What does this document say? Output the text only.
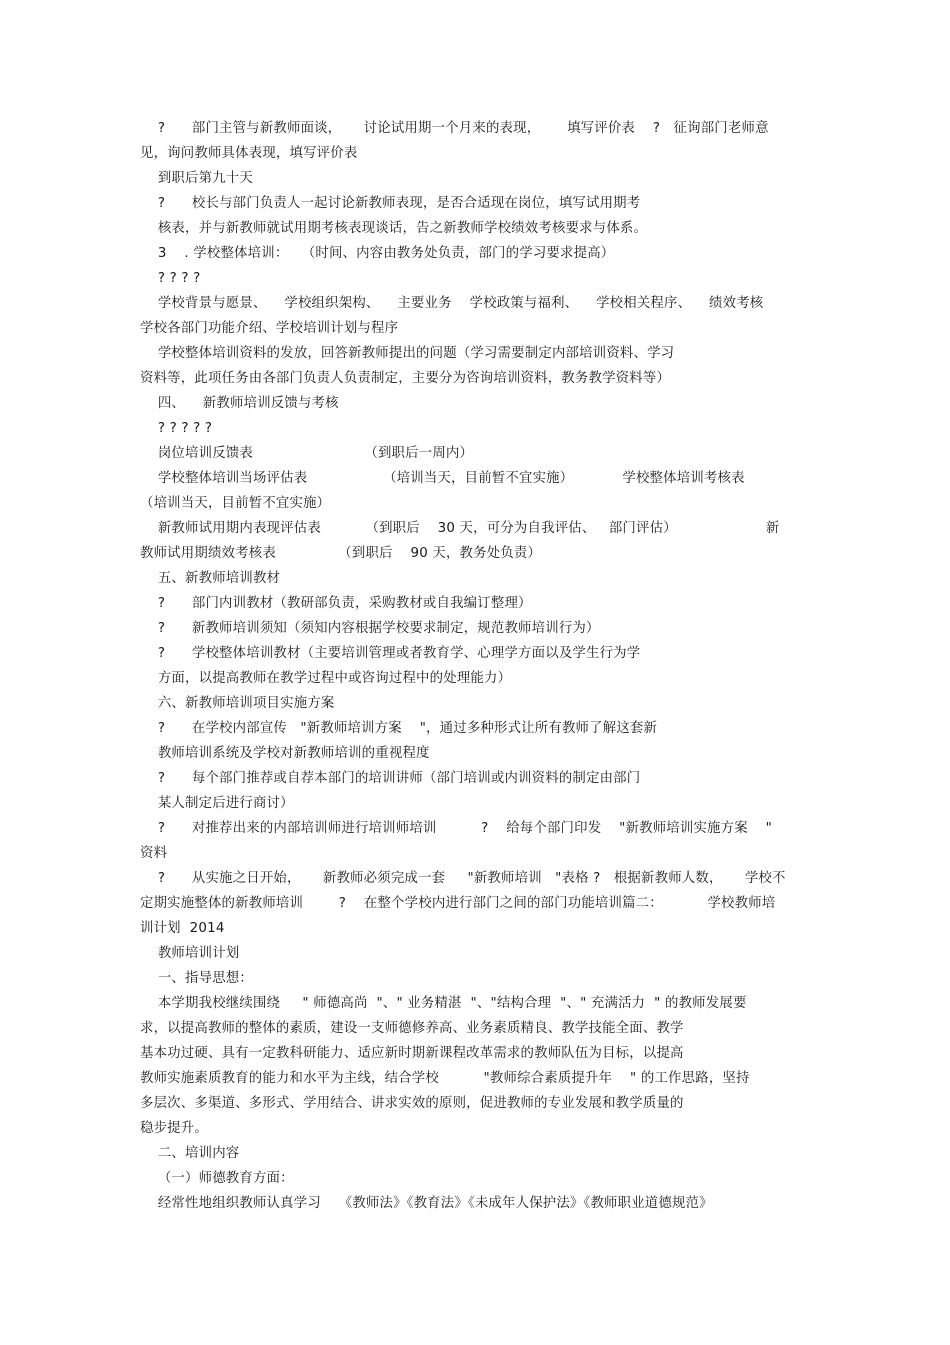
?      部门主管与新教师面谈，     讨论试用期一个月来的表现，      填写评价表    ?   征询部门老师意
见，询问教师具体表现，填写评价表
到职后第九十天
?      校长与部门负责人一起讨论新教师表现，是否合适现在岗位，填写试用期考
核表，并与新教师就试用期考核表现谈话，告之新教师学校绩效考核要求与体系。
3    . 学校整体培训：   （时间、内容由教务处负责，部门的学习要求提高）
? ? ? ?
学校背景与愿景、    学校组织架构、    主要业务    学校政策与福利、    学校相关程序、    绩效考核
学校各部门功能介绍、学校培训计划与程序
学校整体培训资料的发放，回答新教师提出的问题（学习需要制定内部培训资料、学习
资料等，此项任务由各部门负责人负责制定，主要分为咨询培训资料，教务教学资料等）
四、    新教师培训反馈与考核
? ? ? ? ?
岗位培训反馈表                         （到职后一周内）
学校整体培训当场评估表                 （培训当天，目前暂不宜实施）           学校整体培训考核表
（培训当天，目前暂不宜实施）
新教师试用期内表现评估表          （到职后    30 天，可分为自我评估、   部门评估）                    新
教师试用期绩效考核表              （到职后    90 天，教务处负责）
五、新教师培训教材
?      部门内训教材（教研部负责，采购教材或自我编订整理）
?      新教师培训须知（须知内容根据学校要求制定，规范教师培训行为）
?      学校整体培训教材（主要培训管理或者教育学、心理学方面以及学生行为学
方面，以提高教师在教学过程中或咨询过程中的处理能力）
六、新教师培训项目实施方案
?      在学校内部宣传   "新教师培训方案    "，通过多种形式让所有教师了解这套新
教师培训系统及学校对新教师培训的重视程度
?      每个部门推荐或自荐本部门的培训讲师（部门培训或内训资料的制定由部门
某人制定后进行商讨）
?      对推荐出来的内部培训师进行培训师培训          ?    给每个部门印发    "新教师培训实施方案    "
资料
?      从实施之日开始，     新教师必须完成一套     "新教师培训   "表格 ?   根据新教师人数，     学校不
定期实施整体的新教师培训        ?    在整个学校内进行部门之间的部门功能培训篇二：          学校教师培
训计划  2014
教师培训计划
一、指导思想：
本学期我校继续围绕     " 师德高尚  "、" 业务精湛  "、"结构合理  "、" 充满活力  " 的教师发展要
求，以提高教师的整体的素质，建设一支师德修养高、业务素质精良、教学技能全面、教学
基本功过硬、具有一定教科研能力、适应新时期新课程改革需求的教师队伍为目标，以提高
教师实施素质教育的能力和水平为主线，结合学校          "教师综合素质提升年    " 的工作思路，坚持
多层次、多渠道、多形式、学用结合、讲求实效的原则，促进教师的专业发展和教学质量的
稳步提升。
二、培训内容
（一）师德教育方面：
经常性地组织教师认真学习    《教师法》《教育法》《未成年人保护法》《教师职业道德规范》
